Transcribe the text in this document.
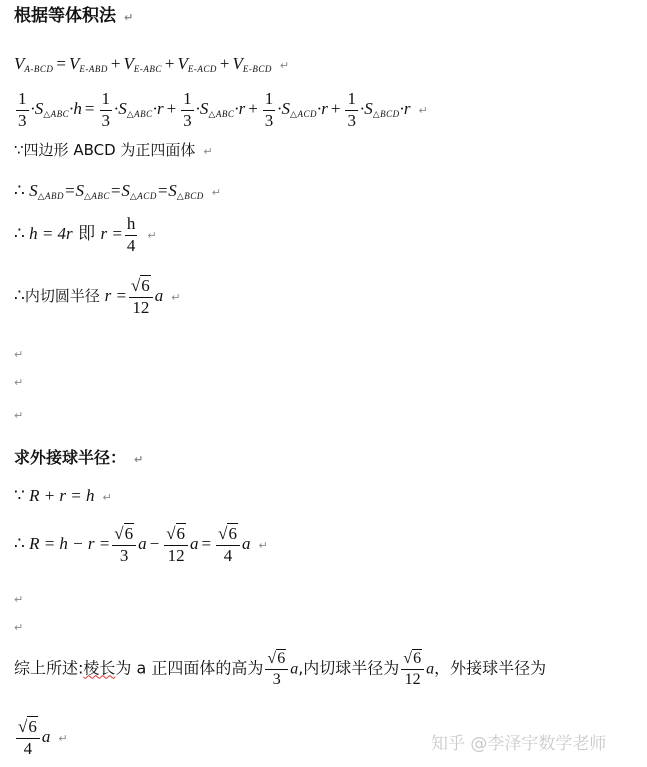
根据等体积法 ↵
$V_{A-BCD} = V_{E-ABD} + V_{E-ABC} + V_{E-ACD} + V_{E-BCD}$ ↵
$\frac{1}{3} \cdot S_{\triangle ABC}\cdot h = \frac{1}{3} \cdot S_{\triangle ABC}\cdot r + \frac{1}{3} \cdot S_{\triangle ABC}\cdot r + \frac{1}{3} \cdot S_{\triangle ACD}\cdot r + \frac{1}{3} \cdot S_{\triangle BCD}\cdot r$ ↵
∵四边形 ABCD 为正四面体 ↵
∴ $S_{\triangle ABD}=S_{\triangle ABC}=S_{\triangle ACD}=S_{\triangle BCD}$ ↵
∴ h = 4r 即 $r = \frac{h}{4}$ ↵
∴内切圆半径 $r = \frac{√6}{12}$ a ↵
↵
↵
↵
求外接球半径： ↵
∵ R + r = h ↵
∴ $R = h - r = \frac{√6}{3}$ $a - \frac{√6}{12}$ $a = \frac{√6}{4}$ a ↵
↵
↵
综上所述:棱长为 a 正四面体的高为 $\frac{√6}{3} a$,内切球半径为 $\frac{√6}{12}$ a，外接球半径为
$\frac{√6}{4}$ a ↵	知乎 @李泽宇数学老师
